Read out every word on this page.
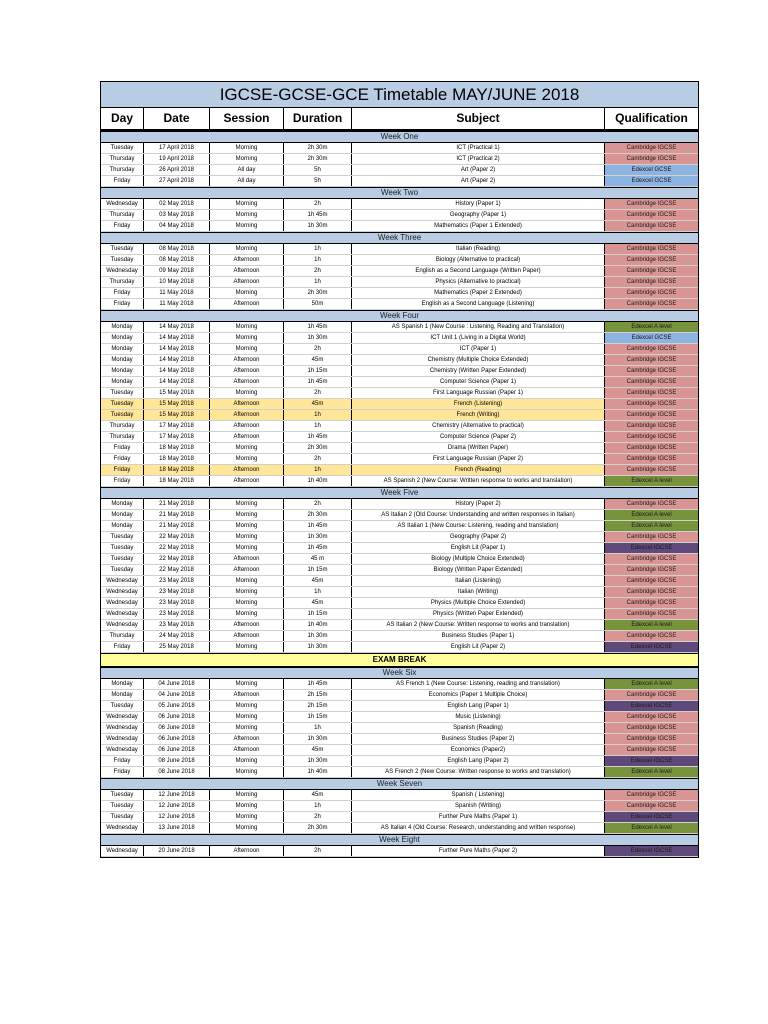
IGCSE-GCSE-GCE Timetable MAY/JUNE 2018
Day	Date	Session	Duration	Subject	Qualification
Week One
Tuesday	17 April 2018	Morning	2h 30m	ICT (Practical 1)	Cambridge IGCSE
Thursday	19 April 2018	Morning	2h 30m	ICT (Practical 2)	Cambridge IGCSE
Thursday	26 April 2018	All day	5h	Art (Paper 2)	Edexcel GCSE
Friday	27 April 2018	All day	5h	Art (Paper 2)	Edexcel GCSE
Week Two
Wednesday	02 May 2018	Morning	2h	History (Paper 1)	Cambridge IGCSE
Thursday	03 May 2018	Morning	1h 45m	Geography (Paper 1)	Cambridge IGCSE
Friday	04 May 2018	Morning	1h 30m	Mathematics (Paper 1 Extended)	Cambridge IGCSE
Week Three
Tuesday	08 May 2018	Morning	1h	Italian (Reading)	Cambridge IGCSE
Tuesday	08 May 2018	Afternoon	1h	Biology (Alternative to practical)	Cambridge IGCSE
Wednesday	09 May 2018	Afternoon	2h	English as a Second Language (Written Paper)	Cambridge IGCSE
Thursday	10 May 2018	Afternoon	1h	Physics (Alternative to practical)	Cambridge IGCSE
Friday	11 May 2018	Morning	2h 30m	Mathematics (Paper 2 Extended)	Cambridge IGCSE
Friday	11 May 2018	Afternoon	50m	English as a Second Language (Listening)	Cambridge IGCSE
Week Four
Monday	14 May 2018	Morning	1h 45m	AS Spanish 1 (New Course : Listening, Reading and Translation)	Edexcel A level
Monday	14 May 2018	Morning	1h 30m	ICT Unit 1 (Living in a Digital World)	Edexcel GCSE
Monday	14 May 2018	Morning	2h	ICT (Paper 1)	Cambridge IGCSE
Monday	14 May 2018	Afternoon	45m	Chemistry (Multiple Choice Extended)	Cambridge IGCSE
Monday	14 May 2018	Afternoon	1h 15m	Chemistry (Written Paper Extended)	Cambridge IGCSE
Monday	14 May 2018	Afternoon	1h 45m	Computer Science (Paper 1)	Cambridge IGCSE
Tuesday	15 May 2018	Morning	2h	First Language Russian (Paper 1)	Cambridge IGCSE
Tuesday	15 May 2018	Afternoon	45m	French (Listening)	Cambridge IGCSE
Tuesday	15 May 2018	Afternoon	1h	French (Writing)	Cambridge IGCSE
Thursday	17 May 2018	Afternoon	1h	Chemistry (Alternative to practical)	Cambridge IGCSE
Thursday	17 May 2018	Afternoon	1h 45m	Computer Science (Paper 2)	Cambridge IGCSE
Friday	18 May 2018	Morning	2h 30m	Drama (Written Paper)	Cambridge IGCSE
Friday	18 May 2018	Morning	2h	First Language Russian (Paper 2)	Cambridge IGCSE
Friday	18 May 2018	Afternoon	1h	French (Reading)	Cambridge IGCSE
Friday	18 May 2018	Afternoon	1h 40m	AS Spanish 2 (New Course: Written response to works and translation)	Edexcel A level
Week Five
Monday	21 May 2018	Morning	2h	History (Paper 2)	Cambridge IGCSE
Monday	21 May 2018	Morning	2h 30m	AS Italian 2 (Old Course: Understanding and written responses in Italian)	Edexcel A level
Monday	21 May 2018	Morning	1h 45m	AS Italian 1 (New Course: Listening, reading and translation)	Edexcel A level
Tuesday	22 May 2018	Morning	1h 30m	Geography (Paper 2)	Cambridge IGCSE
Tuesday	22 May 2018	Morning	1h 45m	English Lit (Paper 1)	Edexcel IGCSE
Tuesday	22 May 2018	Afternoon	45 m	Biology (Multiple Choice Extended)	Cambridge IGCSE
Tuesday	22 May 2018	Afternoon	1h 15m	Biology (Written Paper Extended)	Cambridge IGCSE
Wednesday	23 May 2018	Morning	45m	Italian (Listening)	Cambridge IGCSE
Wednesday	23 May 2018	Morning	1h	Italian (Writing)	Cambridge IGCSE
Wednesday	23 May 2018	Morning	45m	Physics (Multiple Choice Extended)	Cambridge IGCSE
Wednesday	23 May 2018	Morning	1h 15m	Physics (Written Paper Extended)	Cambridge IGCSE
Wednesday	23 May 2018	Afternoon	1h 40m	AS Italian 2 (New Course: Written response to works and translation)	Edexcel A level
Thursday	24 May 2018	Afternoon	1h 30m	Business Studies (Paper 1)	Cambridge IGCSE
Friday	25 May 2018	Morning	1h 30m	English Lit (Paper 2)	Edexcel IGCSE
EXAM BREAK
Week Six
Monday	04 June 2018	Morning	1h 45m	AS French 1 (New Course: Listening, reading and translation)	Edexcel A level
Monday	04 June 2018	Afternoon	2h 15m	Economics (Paper 1 Multiple Choice)	Cambridge IGCSE
Tuesday	05 June 2018	Morning	2h 15m	English Lang (Paper 1)	Edexcel IGCSE
Wednesday	06 June 2018	Morning	1h 15m	Music (Listening)	Cambridge IGCSE
Wednesday	06 June 2018	Morning	1h	Spanish (Reading)	Cambridge IGCSE
Wednesday	06 June 2018	Afternoon	1h 30m	Business Studies (Paper 2)	Cambridge IGCSE
Wednesday	06 June 2018	Afternoon	45m	Economics (Paper2)	Cambridge IGCSE
Friday	08 June 2018	Morning	1h 30m	English Lang (Paper 2)	Edexcel IGCSE
Friday	08 June 2018	Morning	1h 40m	AS French 2 (New Course: Written response to works and translation)	Edexcel A level
Week Seven
Tuesday	12 June 2018	Morning	45m	Spanish ( Listening)	Cambridge IGCSE
Tuesday	12 June 2018	Morning	1h	Spanish (Writing)	Cambridge IGCSE
Tuesday	12 June 2018	Morning	2h	Further Pure Maths (Paper 1)	Edexcel IGCSE
Wednesday	13 June 2018	Morning	2h 30m	AS Italian 4 (Old Course: Research, understanding and written response)	Edexcel A level
Week Eight
Wednesday	20 June 2018	Afternoon	2h	Further Pure Maths (Paper 2)	Edexcel IGCSE
